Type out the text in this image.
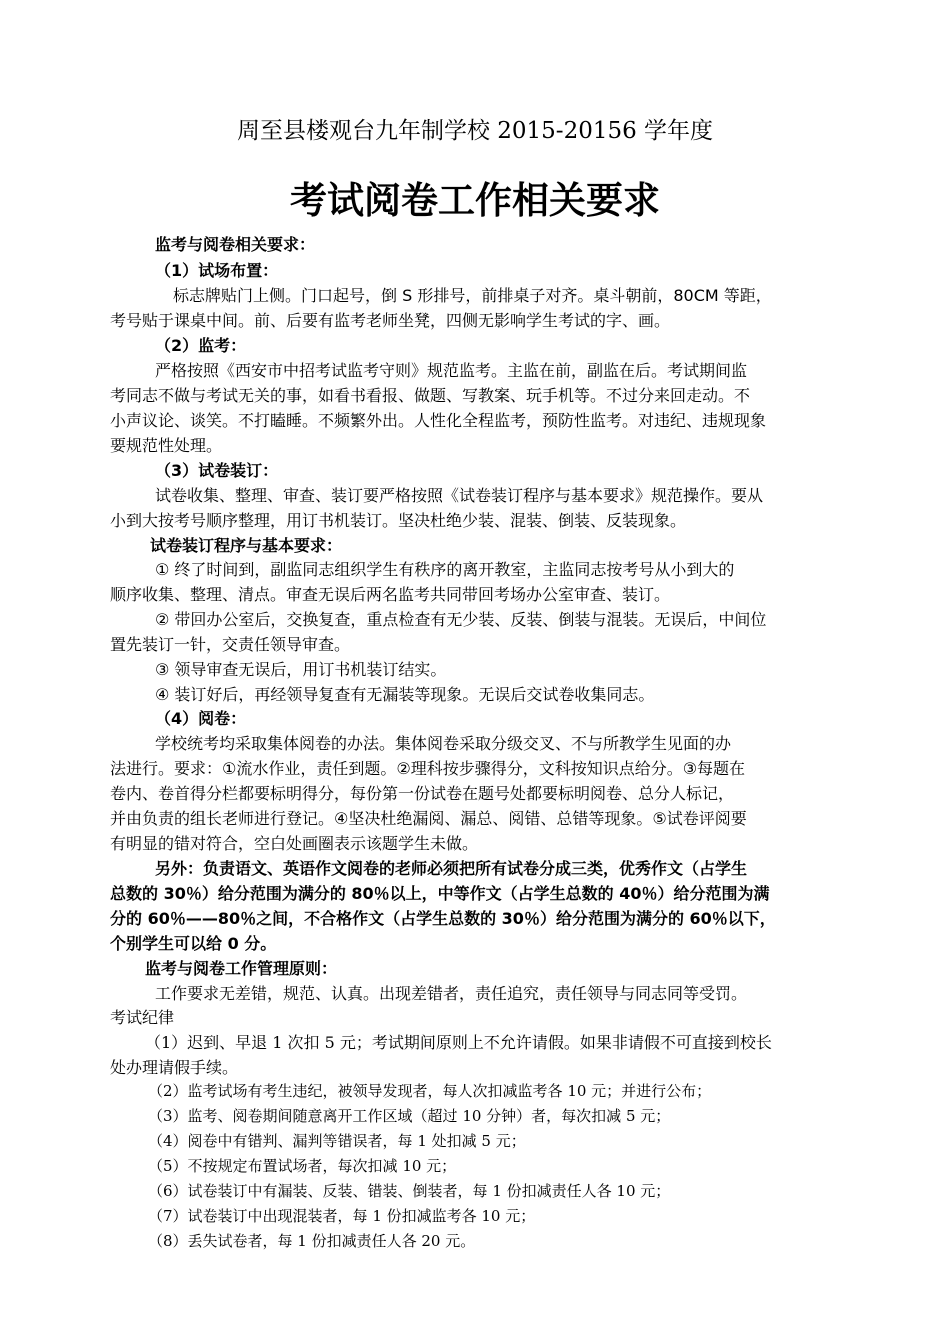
周至县楼观台九年制学校 2015-20156 学年度
考试阅卷工作相关要求
监考与阅卷相关要求：
（1）试场布置：
标志牌贴门上侧。门口起号，倒 S 形排号，前排桌子对齐。桌斗朝前，80CM 等距，
考号贴于课桌中间。前、后要有监考老师坐凳，四侧无影响学生考试的字、画。
（2）监考：
严格按照《西安市中招考试监考守则》规范监考。主监在前，副监在后。考试期间监
考同志不做与考试无关的事，如看书看报、做题、写教案、玩手机等。不过分来回走动。不
小声议论、谈笑。不打瞌睡。不频繁外出。人性化全程监考，预防性监考。对违纪、违规现象
要规范性处理。
（3）试卷装订：
试卷收集、整理、审查、装订要严格按照《试卷装订程序与基本要求》规范操作。要从
小到大按考号顺序整理，用订书机装订。坚决杜绝少装、混装、倒装、反装现象。
试卷装订程序与基本要求：
① 终了时间到，副监同志组织学生有秩序的离开教室，主监同志按考号从小到大的
顺序收集、整理、清点。审查无误后两名监考共同带回考场办公室审查、装订。
② 带回办公室后，交换复查，重点检查有无少装、反装、倒装与混装。无误后，中间位
置先装订一针，交责任领导审查。
③ 领导审查无误后，用订书机装订结实。
④ 装订好后，再经领导复查有无漏装等现象。无误后交试卷收集同志。
（4）阅卷：
学校统考均采取集体阅卷的办法。集体阅卷采取分级交叉、不与所教学生见面的办
法进行。要求：①流水作业，责任到题。②理科按步骤得分，文科按知识点给分。③每题在
卷内、卷首得分栏都要标明得分，每份第一份试卷在题号处都要标明阅卷、总分人标记，
并由负责的组长老师进行登记。④坚决杜绝漏阅、漏总、阅错、总错等现象。⑤试卷评阅要
有明显的错对符合，空白处画圈表示该题学生未做。
另外：负责语文、英语作文阅卷的老师必须把所有试卷分成三类，优秀作文（占学生
总数的 30％）给分范围为满分的 80％以上，中等作文（占学生总数的 40％）给分范围为满
分的 60％——80％之间，不合格作文（占学生总数的 30％）给分范围为满分的 60％以下，
个别学生可以给 0 分。
监考与阅卷工作管理原则：
工作要求无差错，规范、认真。出现差错者，责任追究，责任领导与同志同等受罚。
考试纪律
（1）迟到、早退 1 次扣 5 元；考试期间原则上不允许请假。如果非请假不可直接到校长
处办理请假手续。
（2）监考试场有考生违纪，被领导发现者，每人次扣减监考各 10 元；并进行公布；
（3）监考、阅卷期间随意离开工作区域（超过 10 分钟）者，每次扣减 5 元；
（4）阅卷中有错判、漏判等错误者，每 1 处扣减 5 元；
（5）不按规定布置试场者，每次扣减 10 元；
（6）试卷装订中有漏装、反装、错装、倒装者，每 1 份扣减责任人各 10 元；
（7）试卷装订中出现混装者，每 1 份扣减监考各 10 元；
（8）丢失试卷者，每 1 份扣减责任人各 20 元。
